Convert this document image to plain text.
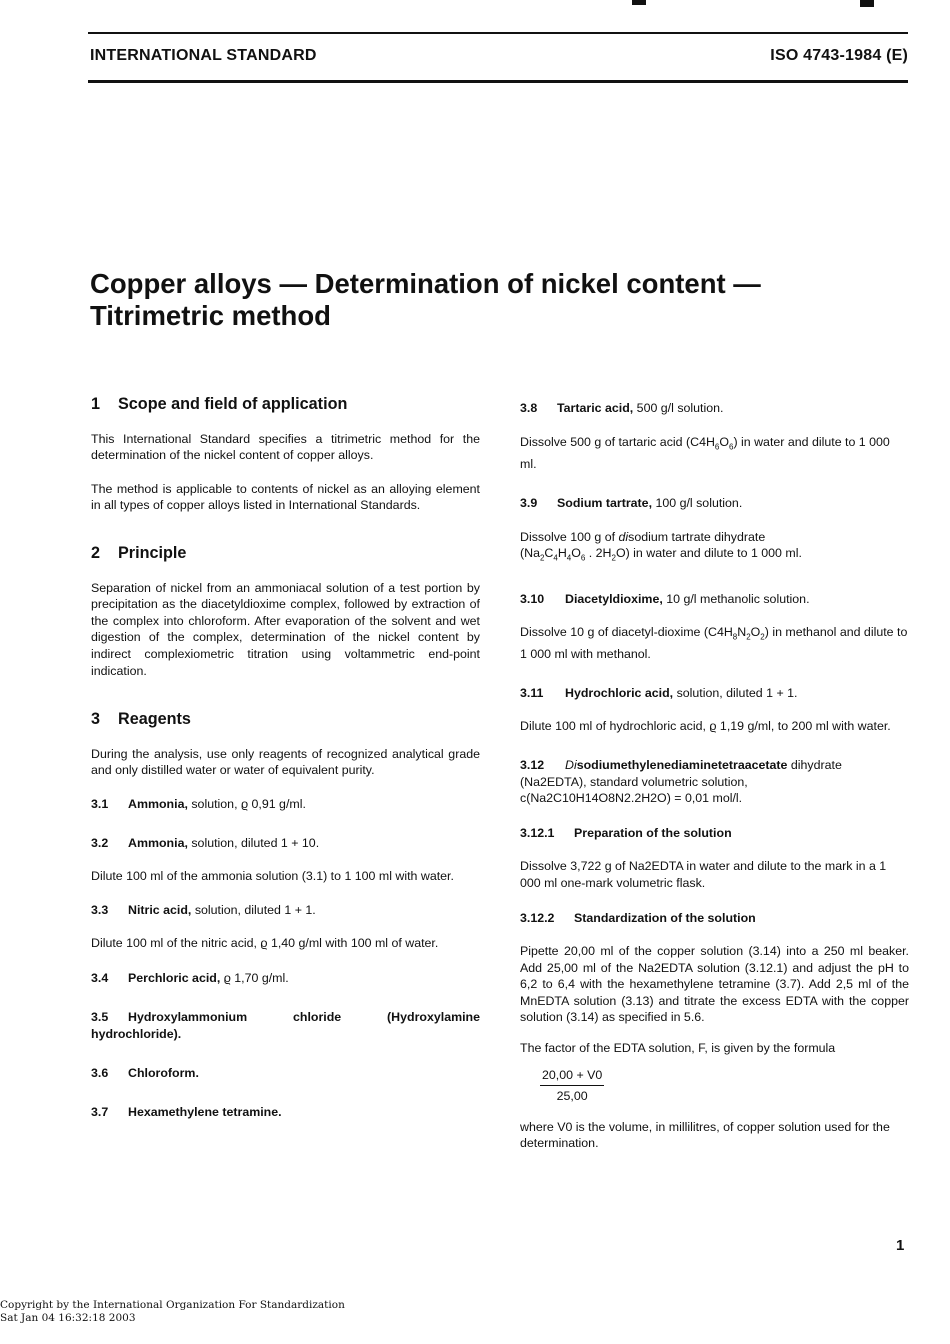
INTERNATIONAL STANDARD	ISO 4743-1984 (E)
Copper alloys — Determination of nickel content —
Titrimetric method

1 Scope and field of application

This International Standard specifies a titrimetric method for the determination of the nickel content of copper alloys.

The method is applicable to contents of nickel as an alloying element in all types of copper alloys listed in International Standards.

2 Principle

Separation of nickel from an ammoniacal solution of a test portion by precipitation as the diacetyldioxime complex, followed by extraction of the complex into chloroform. After evaporation of the solvent and wet digestion of the complex, determination of the nickel content by indirect complexiometric titration using voltammetric end-point indication.

3 Reagents

During the analysis, use only reagents of recognized analytical grade and only distilled water or water of equivalent purity.

3.1 Ammonia, solution, ϱ 0,91 g/ml.

3.2 Ammonia, solution, diluted 1 + 10.

Dilute 100 ml of the ammonia solution (3.1) to 1 100 ml with water.

3.3 Nitric acid, solution, diluted 1 + 1.

Dilute 100 ml of the nitric acid, ϱ 1,40 g/ml with 100 ml of water.

3.4 Perchloric acid, ϱ 1,70 g/ml.

3.5 Hydroxylammonium chloride (Hydroxylamine hydrochloride).

3.6 Chloroform.

3.7 Hexamethylene tetramine.

3.8 Tartaric acid, 500 g/l solution.

Dissolve 500 g of tartaric acid $(C4H_6O_6)$ in water and dilute to 1 000 ml.

3.9 Sodium tartrate, 100 g/l solution.

Dissolve 100 g of disodium tartrate dihydrate
($Na_2C_4H_4O_6$ . $2H_2O$) in water and dilute to 1 000 ml.

3.10 Diacetyldioxime, 10 g/l methanolic solution.

Dissolve 10 g of diacetyl-dioxime $(C4H_8N_2O_2)$ in methanol and dilute to 1 000 ml with methanol.

3.11 Hydrochloric acid, solution, diluted 1 + 1.

Dilute 100 ml of hydrochloric acid, ϱ 1,19 g/ml, to 200 ml with water.

3.12 Disodiumethylenediaminetetraacetate dihydrate
(Na2EDTA), standard volumetric solution,
c(Na2C10H14O8N2.2H2O) = 0,01 mol/l.

3.12.1 Preparation of the solution

Dissolve 3,722 g of Na2EDTA in water and dilute to the mark in a 1 000 ml one-mark volumetric flask.

3.12.2 Standardization of the solution

Pipette 20,00 ml of the copper solution (3.14) into a 250 ml beaker. Add 25,00 ml of the Na2EDTA solution (3.12.1) and adjust the pH to 6,2 to 6,4 with the hexamethylene tetramine (3.7). Add 2,5 ml of the MnEDTA solution (3.13) and titrate the excess EDTA with the copper solution (3.14) as specified in 5.6.

The factor of the EDTA solution, F, is given by the formula

$\frac{20,00 + V0}{25,00}$

where V0 is the volume, in millilitres, of copper solution used for the determination.

1
Copyright by the International Organization For Standardization
Sat Jan 04 16:32:18 2003
